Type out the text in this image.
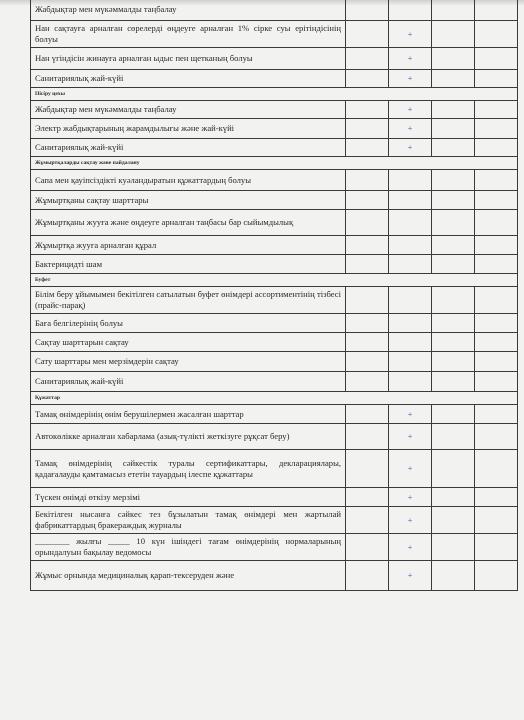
Жабдықтар мен мүкәммалды таңбалау				
Нан сақтауға арналған сөрелерді өңдеуге арналған 1% сірке суы ерітіндісінің болуы		+		
Нан үгіндісін жинауға арналған ыдыс пен щетканың болуы		+		
Санитариялық жай-күйі		+		
Пісіру цехы				
Жабдықтар мен мүкәммалды таңбалау		+		
Электр жабдықтарының жарамдылығы және жай-күйі		+		
Санитариялық жай-күйі		+		
Жұмыртқаларды сақтау және пайдалану				
Сапа мен қауіпсіздікті куәландыратын құжаттардың болуы				
Жұмыртқаны сақтау шарттары				
Жұмыртқаны жууға және өңдеуге арналған таңбасы бар сыйымдылық				
Жұмыртқа жууға арналған құрал				
Бактерицидті шам				
Буфет				
Білім беру ұйымымен бекітілген сатылатын буфет өнімдері ассортиментінің тізбесі (прайс-парақ)				
Баға белгілерінің болуы				
Сақтау шарттарын сақтау				
Сату шарттары мен мерзімдерін сақтау				
Санитариялық жай-күйі				
Құжаттар				
Тамақ өнімдерінің өнім берушілермен жасалған шарттар		+		
Автокөлікке арналған хабарлама (азық-түлікті жеткізуге рұқсат беру)		+		
Тамақ өнімдерінің сәйкестік туралы сертификаттары, декларациялары, қадағалауды қамтамасыз ететін тауардың ілеспе құжаттары		+		
Түскен өнімді өткізу мерзімі		+		
Бекітілген нысанға сәйкес тез бұзылатын тамақ өнімдері мен жартылай фабрикаттардың бракераждық журналы		+		
________ жылғы _____ 10 күн ішіндегі тағам өнімдерінің нормаларының орындалуын бақылау ведомосы		+		
Жұмыс орнында медициналық қарап-тексеруден және		+		
